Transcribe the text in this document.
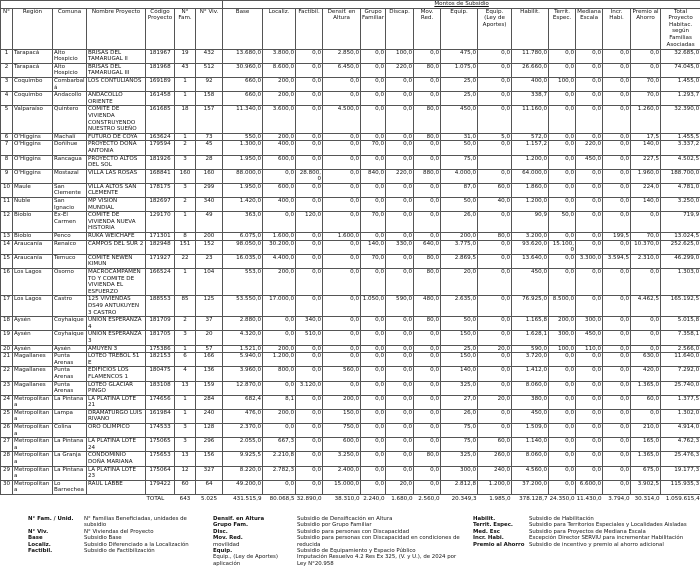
							Montos de Subsidio														
N°	Región	Comuna	Nombre Proyecto	Código Proyecto	N° Fam.	N° Viv.	Base	Localiz.	Factibil.	Densif. en Altura	Grupo Familiar	Discap.	Mov. Red.	Equip.	Equip. (Ley de Aportes)	Habilit.	Territ. Espec.	Mediana Escala	Incr. Habi.	Premio al Ahorro	Total Proyecto Habitac. según Familias Asociadas
1	Tarapacá	Alto Hospicio	BRISAS DEL TAMARUGAL II	181967	19	432	13.680,0	3.800,0	0,0	2.850,0	0,0	100,0	0,0	475,0	0,0	11.780,0	0,0	0,0	0,0	0,0	32.685,0
2	Tarapacá	Alto Hospicio	BRISAS DEL TAMARUGAL III	181968	43	512	30.960,0	8.600,0	0,0	6.450,0	0,0	220,0	80,0	1.075,0	0,0	26.660,0	0,0	0,0	0,0	0,0	74.045,0
3	Coquimbo	Combarbalá	LOS CONTULIANOS	169189	1	92	660,0	200,0	0,0	0,0	0,0	0,0	0,0	25,0	0,0	400,0	100,0	0,0	0,0	70,0	1.455,0
4	Coquimbo	Andacollo	ANDACOLLO ORIENTE	161458	1	158	660,0	200,0	0,0	0,0	0,0	0,0	0,0	25,0	0,0	338,7	0,0	0,0	0,0	70,0	1.293,7
5	Valparaíso	Quintero	COMITÉ DE VIVIENDA CONSTRUYENDO NUESTRO SUEÑO	161685	18	157	11.340,0	3.600,0	0,0	4.500,0	0,0	0,0	80,0	450,0	0,0	11.160,0	0,0	0,0	0,0	1.260,0	32.390,0
6	O'Higgins	Machalí	FUTURO DE COYA	163624	1	73	550,0	200,0	0,0	0,0	0,0	0,0	80,0	31,0	5,0	572,0	0,0	0,0	0,0	17,5	1.455,5
7	O'Higgins	Doñihue	PROYECTO DOÑA ANTONIA	179594	2	45	1.300,0	400,0	0,0	0,0	70,0	0,0	0,0	50,0	0,0	1.157,2	0,0	220,0	0,0	140,0	3.337,2
8	O'Higgins	Rancagua	PROYECTO ALTOS DEL SOL	181926	3	28	1.950,0	600,0	0,0	0,0	0,0	0,0	0,0	75,0		1.200,0	0,0	450,0	0,0	227,5	4.502,5
9	O'Higgins	Mostazal	VILLA LAS ROSAS	168841	160	160	88.000,0	0,0	28.800,0	0,0	840,0	220,0	880,0	4.000,0	0,0	64.000,0	0,0	0,0	0,0	1.960,0	188.700,0
10	Maule	San Clemente	VILLA ALTOS SAN CLEMENTE	178175	3	299	1.950,0	600,0	0,0	0,0	0,0	0,0	0,0	87,0	60,0	1.860,0	0,0	0,0	0,0	224,0	4.781,0
11	Ñuble	San Ignacio	MP VISIÓN MUNDIAL	182697	2	340	1.420,0	400,0	0,0	0,0	0,0	0,0	0,0	50,0	40,0	1.200,0	0,0	0,0	0,0	140,0	3.250,0
12	Biobío	Ex-El Carmen	COMITÉ DE VIVIENDA NUEVA HISTORIA	129170	1	49	363,0	0,0	120,0	0,0	70,0	0,0	0,0	26,0	0,0	90,9	50,0	0,0	0,0	0,0	719,9
13	Biobío	Penco	RUKA WEICHAFE	171301	8	200	6.075,0	1.600,0	0,0	1.600,0	0,0	0,0	0,0	200,0	80,0	3.200,0	0,0	0,0	199,5	70,0	13.024,5
14	Araucanía	Renaico	CAMPOS DEL SUR 2	182948	151	152	98.050,0	30.200,0	0,0	0,0	140,0	330,0	640,0	3.775,0	0,0	93.620,0	15.100,0	0,0	0,0	10.370,0	252.625,0
15	Araucanía	Temuco	COMITE NEWEN KIMUN	171927	22	23	16.035,0	4.400,0	0,0	0,0	70,0	0,0	80,0	2.869,5	0,0	13.640,0	0,0	3.300,0	3.594,5	2.310,0	46.299,0
16	Los Lagos	Osorno	MACROCAMPAMENTO Y COMITE DE VIVIENDA EL ESFUERZO	166524	1	104	553,0	200,0	0,0	0,0	0,0	0,0	80,0	20,0	0,0	450,0	0,0	0,0	0,0	0,0	1.303,0
17	Los Lagos	Castro	125 VIVIENDAS DS49 ANTUKUYEN 3 CASTRO	188553	85	125	53.550,0	17.000,0	0,0	0,0	1.050,0	590,0	480,0	2.635,0	0,0	76.925,0	8.500,0	0,0	0,0	4.462,5	165.192,5
18	Aysén	Coyhaique	UNION ESPERANZA 4	181709	2	37	2.880,0	0,0	340,0	0,0	0,0	0,0	80,0	50,0	0,0	1.165,8	200,0	300,0	0,0	0,0	5.015,8
19	Aysén	Coyhaique	UNION ESPERANZA 3	181705	3	20	4.320,0	0,0	510,0	0,0	0,0	0,0	0,0	150,0	0,0	1.628,1	300,0	450,0	0,0	0,0	7.358,1
20	Aysén	Aysén	AMUYEN 3	175386	1	57	1.521,0	200,0	0,0	0,0	0,0	0,0	0,0	25,0	20,0	590,0	100,0	110,0	0,0	0,0	2.566,0
21	Magallanes	Punta Arenas	LOTEO TREBOL 51 E	182153	6	166	5.940,0	1.200,0	0,0	0,0	0,0	0,0	0,0	150,0	0,0	3.720,0	0,0	0,0	0,0	630,0	11.640,0
22	Magallanes	Punta Arenas	EDIFICIOS LOS FLAMENCOS 1	180475	4	136	3.960,0	800,0	0,0	560,0	0,0	0,0	0,0	140,0	0,0	1.412,0	0,0	0,0	0,0	420,0	7.292,0
23	Magallanes	Punta Arenas	LOTEO GLACIAR PINGO	183108	13	159	12.870,0	0,0	3.120,0	0,0	0,0	0,0	0,0	325,0	0,0	8.060,0	0,0	0,0	0,0	1.365,0	25.740,0
24	Metropolitana	La Pintana	LA PLATINA LOTE 21	174656	1	284	682,4	8,1	0,0	200,0	0,0	0,0	0,0	27,0	20,0	380,0	0,0	0,0	0,0	60,0	1.377,5
25	Metropolitana	Lampa	DRAMATURGO LUIS RIVANO	161984	1	240	476,0	200,0	0,0	150,0	0,0	0,0	0,0	26,0	0,0	450,0	0,0	0,0	0,0	0,0	1.302,0
26	Metropolitana	Colina	ORO OLIMPICO	174533	3	128	2.370,0	0,0	0,0	750,0	0,0	0,0	0,0	75,0	0,0	1.509,0	0,0	0,0	0,0	210,0	4.914,0
27	Metropolitana	La Pintana	LA PLATINA LOTE 24	175065	3	296	2.055,0	667,3	0,0	600,0	0,0	0,0	0,0	75,0	60,0	1.140,0	0,0	0,0	0,0	165,0	4.762,3
28	Metropolitana	La Granja	CONDOMINIO DOÑA MARIANA	175653	13	156	9.925,5	2.210,8	0,0	3.250,0	0,0	0,0	80,0	325,0	260,0	8.060,0	0,0	0,0	0,0	1.365,0	25.476,3
29	Metropolitana	La Pintana	LA PLATINA LOTE 23	175064	12	327	8.220,0	2.782,3	0,0	2.400,0	0,0	0,0	0,0	300,0	240,0	4.560,0	0,0	0,0	0,0	675,0	19.177,3
30	Metropolitana	Lo Barnechea	RAUL LABBE	179422	60	64	49.200,0	0,0	0,0	15.000,0	0,0	20,0	0,0	2.812,8	1.200,0	37.200,0	0,0	6.600,0	0,0	3.902,5	115.935,3
				TOTAL	643	5.025	431.515,9	80.068,5	32.890,0	38.310,0	2.240,0	1.680,0	2.560,0	20.349,3	1.985,0	378.128,7	24.350,0	11.430,0	3.794,0	30.314,0	1.059.615,4
N° Fam. / Unid.	N° Familias Beneficiadas, unidades de subsidio
N° Viv.	N° Viviendas del Proyecto
Base	Subsidio Base
Localiz.	Subsidio Diferenciado a la Localización
Factibil.	Subsidio de Factibilización
Densif. en Altura	Subsidio de Densificación en Altura
Grupo Fam.	Subsidio por Grupo Familiar
Disc.	Subsidio para personas con Discapacidad
Mov. Red.	Subsidio para personas con Discapacidad en condiciones de
movilidad	reducida
Equip.	Subsidio de Equipamiento y Espacio Público
Equip., (Ley de Aportes)	Imputación Resuelvo 4.2 Res Ex 325, (V. y U.), de 2024 por
aplicación	Ley N°20.958
Habilit.	Subsidio de Habilitación
Territ. Espec.	Subsidio para Territorios Especiales y Localidades Aisladas
Med. Esc	Subsidio para Proyectos de Mediana Escala
Incr. Habi.	Excepción Director SERVIU para incrementar Habilitación
Premio al Ahorro Subsidio de incentivo y premio al ahorro adicional
